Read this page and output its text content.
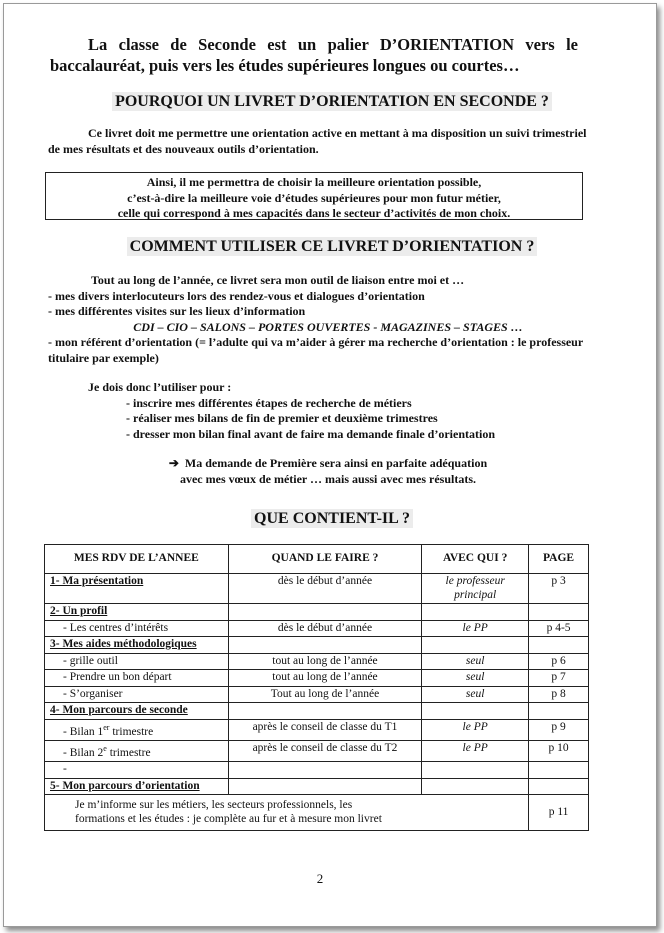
La classe de Seconde est un palier D’ORIENTATION vers le baccalauréat, puis vers les études supérieures longues ou courtes…
POURQUOI UN LIVRET D’ORIENTATION EN SECONDE ?
Ce livret doit me permettre une orientation active en mettant à ma disposition un suivi trimestriel de mes résultats et des nouveaux outils d’orientation.
Ainsi, il me permettra de choisir la meilleure orientation possible,
c’est-à-dire la meilleure voie d’études supérieures pour mon futur métier,
celle qui correspond à mes capacités dans le secteur d’activités de mon choix.
COMMENT UTILISER CE LIVRET D’ORIENTATION ?
Tout au long de l’année, ce livret sera mon outil de liaison entre moi et …
- mes divers interlocuteurs lors des rendez-vous et dialogues d’orientation
- mes différentes visites sur les lieux d’information
CDI – CIO – SALONS – PORTES OUVERTES - MAGAZINES – STAGES …
- mon référent d’orientation (= l’adulte qui va m’aider à gérer ma recherche d’orientation : le professeur titulaire par exemple)
Je dois donc l’utiliser pour :
- inscrire mes différentes étapes de recherche de métiers
- réaliser mes bilans de fin de premier et deuxième trimestres
- dresser mon bilan final avant de faire ma demande finale d’orientation
➔ Ma demande de Première sera ainsi en parfaite adéquation
avec mes vœux de métier … mais aussi avec mes résultats.
QUE CONTIENT-IL ?
MES RDV DE L’ANNEE	QUAND LE FAIRE ?	AVEC QUI ?	PAGE
1- Ma présentation	dès le début d’année	le professeur principal	p 3
2- Un profil			
- Les centres d’intérêts	dès le début d’année	le PP	p 4-5
3- Mes aides méthodologiques			
- grille outil	tout au long de l’année	seul	p 6
- Prendre un bon départ	tout au long de l’année	seul	p 7
- S’organiser	Tout au long de l’année	seul	p 8
4- Mon parcours de seconde			
- Bilan 1er trimestre	après le conseil de classe du T1	le PP	p 9
- Bilan 2e trimestre	après le conseil de classe du T2	le PP	p 10
-			
5- Mon parcours d’orientation			

Je m’informe sur les métiers, les secteurs professionnels, les formations et les études : je complète au fur et à mesure mon livret			p 11
2
